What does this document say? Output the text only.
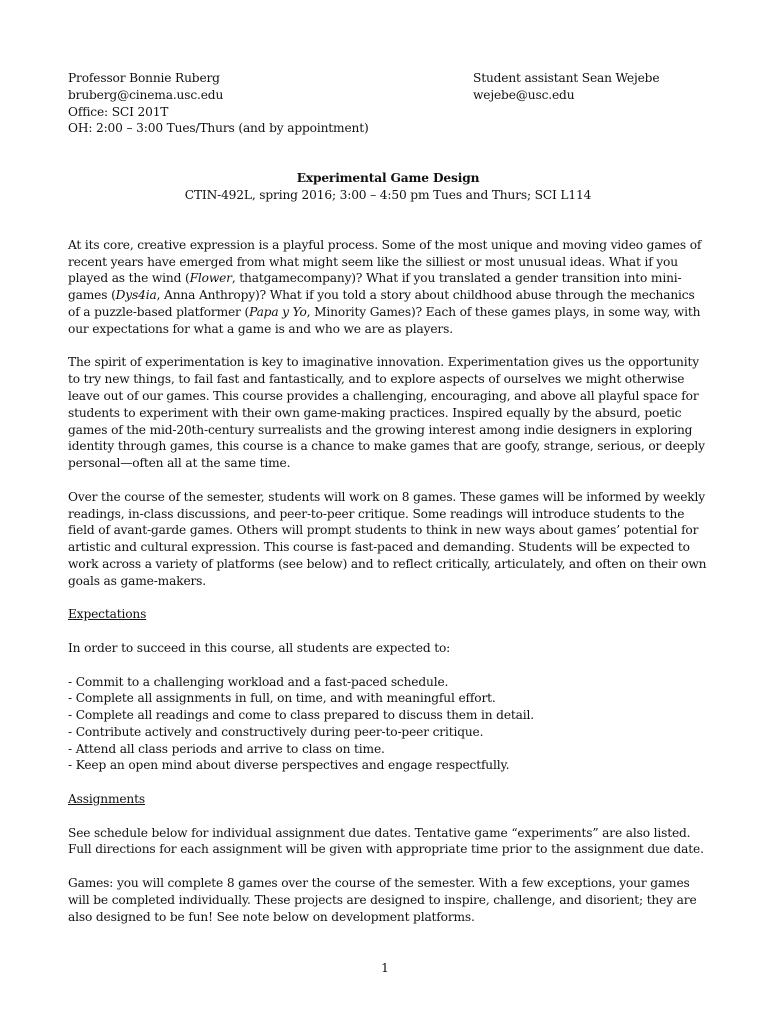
Professor Bonnie Ruberg
bruberg@cinema.usc.edu
Office: SCI 201T
OH: 2:00 – 3:00 Tues/Thurs (and by appointment)
Student assistant Sean Wejebe
wejebe@usc.edu
Experimental Game Design
CTIN-492L, spring 2016; 3:00 – 4:50 pm Tues and Thurs; SCI L114

At its core, creative expression is a playful process. Some of the most unique and moving video games of recent years have emerged from what might seem like the silliest or most unusual ideas. What if you played as the wind (Flower, thatgamecompany)? What if you translated a gender transition into mini-games (Dys4ia, Anna Anthropy)? What if you told a story about childhood abuse through the mechanics of a puzzle-based platformer (Papa y Yo, Minority Games)? Each of these games plays, in some way, with our expectations for what a game is and who we are as players.

The spirit of experimentation is key to imaginative innovation. Experimentation gives us the opportunity to try new things, to fail fast and fantastically, and to explore aspects of ourselves we might otherwise leave out of our games. This course provides a challenging, encouraging, and above all playful space for students to experiment with their own game-making practices. Inspired equally by the absurd, poetic games of the mid-20th-century surrealists and the growing interest among indie designers in exploring identity through games, this course is a chance to make games that are goofy, strange, serious, or deeply personal—often all at the same time.

Over the course of the semester, students will work on 8 games. These games will be informed by weekly readings, in-class discussions, and peer-to-peer critique. Some readings will introduce students to the field of avant-garde games. Others will prompt students to think in new ways about games’ potential for artistic and cultural expression. This course is fast-paced and demanding. Students will be expected to work across a variety of platforms (see below) and to reflect critically, articulately, and often on their own goals as game-makers.

Expectations

In order to succeed in this course, all students are expected to:

- Commit to a challenging workload and a fast-paced schedule.
- Complete all assignments in full, on time, and with meaningful effort.
- Complete all readings and come to class prepared to discuss them in detail.
- Contribute actively and constructively during peer-to-peer critique.
- Attend all class periods and arrive to class on time.
- Keep an open mind about diverse perspectives and engage respectfully.

Assignments

See schedule below for individual assignment due dates. Tentative game “experiments” are also listed. Full directions for each assignment will be given with appropriate time prior to the assignment due date.

Games: you will complete 8 games over the course of the semester. With a few exceptions, your games will be completed individually. These projects are designed to inspire, challenge, and disorient; they are also designed to be fun! See note below on development platforms.

1
